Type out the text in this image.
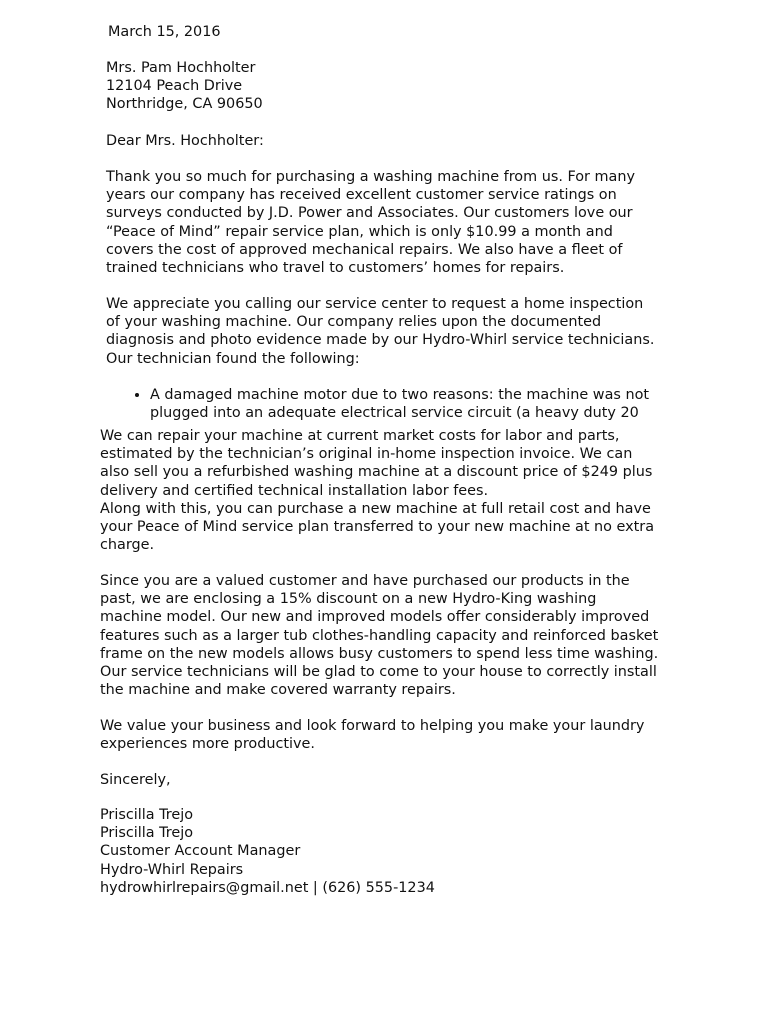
March 15, 2016
Mrs. Pam Hochholter
12104 Peach Drive
Northridge, CA 90650
Dear Mrs. Hochholter:
Thank you so much for purchasing a washing machine from us. For many
years our company has received excellent customer service ratings on
surveys conducted by J.D. Power and Associates. Our customers love our
“Peace of Mind” repair service plan, which is only $10.99 a month and
covers the cost of approved mechanical repairs. We also have a fleet of
trained technicians who travel to customers’ homes for repairs.
We appreciate you calling our service center to request a home inspection
of your washing machine. Our company relies upon the documented
diagnosis and photo evidence made by our Hydro-Whirl service technicians.
Our technician found the following:
• A damaged machine motor due to two reasons: the machine was not
plugged into an adequate electrical service circuit (a heavy duty 20
We can repair your machine at current market costs for labor and parts,
estimated by the technician’s original in-home inspection invoice. We can
also sell you a refurbished washing machine at a discount price of $249 plus
delivery and certified technical installation labor fees.
Along with this, you can purchase a new machine at full retail cost and have
your Peace of Mind service plan transferred to your new machine at no extra
charge.
Since you are a valued customer and have purchased our products in the
past, we are enclosing a 15% discount on a new Hydro-King washing
machine model. Our new and improved models offer considerably improved
features such as a larger tub clothes-handling capacity and reinforced basket
frame on the new models allows busy customers to spend less time washing.
Our service technicians will be glad to come to your house to correctly install
the machine and make covered warranty repairs.
We value your business and look forward to helping you make your laundry
experiences more productive.
Sincerely,
Priscilla Trejo
Priscilla Trejo
Customer Account Manager
Hydro-Whirl Repairs
hydrowhirlrepairs@gmail.net | (626) 555-1234
